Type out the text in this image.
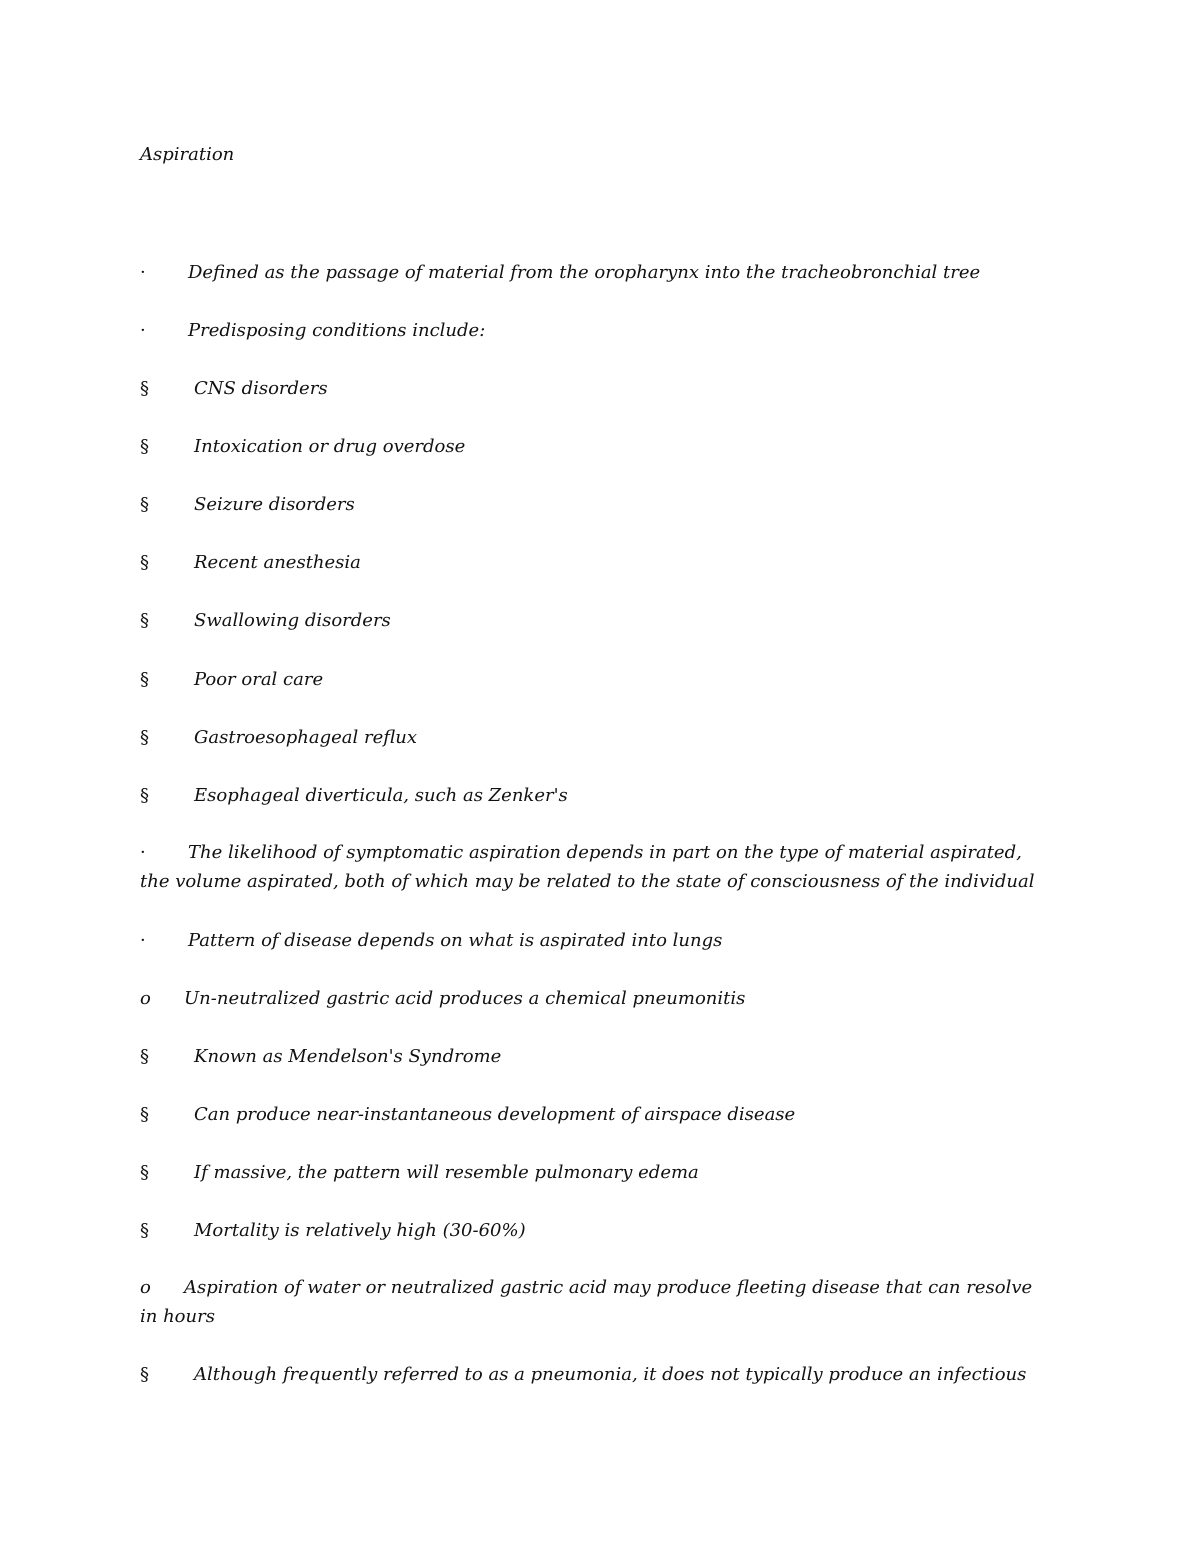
Aspiration
·	Defined as the passage of material from the oropharynx into the tracheobronchial tree
·	Predisposing conditions include:
§	CNS disorders
§	Intoxication or drug overdose
§	Seizure disorders
§	Recent anesthesia
§	Swallowing disorders
§	Poor oral care
§	Gastroesophageal reflux
§	Esophageal diverticula, such as Zenker's
·	The likelihood of symptomatic aspiration depends in part on the type of material aspirated, the volume aspirated, both of which may be related to the state of consciousness of the individual
·	Pattern of disease depends on what is aspirated into lungs
o	Un-neutralized gastric acid produces a chemical pneumonitis
§	Known as Mendelson's Syndrome
§	Can produce near-instantaneous development of airspace disease
§	If massive, the pattern will resemble pulmonary edema
§	Mortality is relatively high (30-60%)
o	Aspiration of water or neutralized gastric acid may produce fleeting disease that can resolve in hours
§	Although frequently referred to as a pneumonia, it does not typically produce an infectious
